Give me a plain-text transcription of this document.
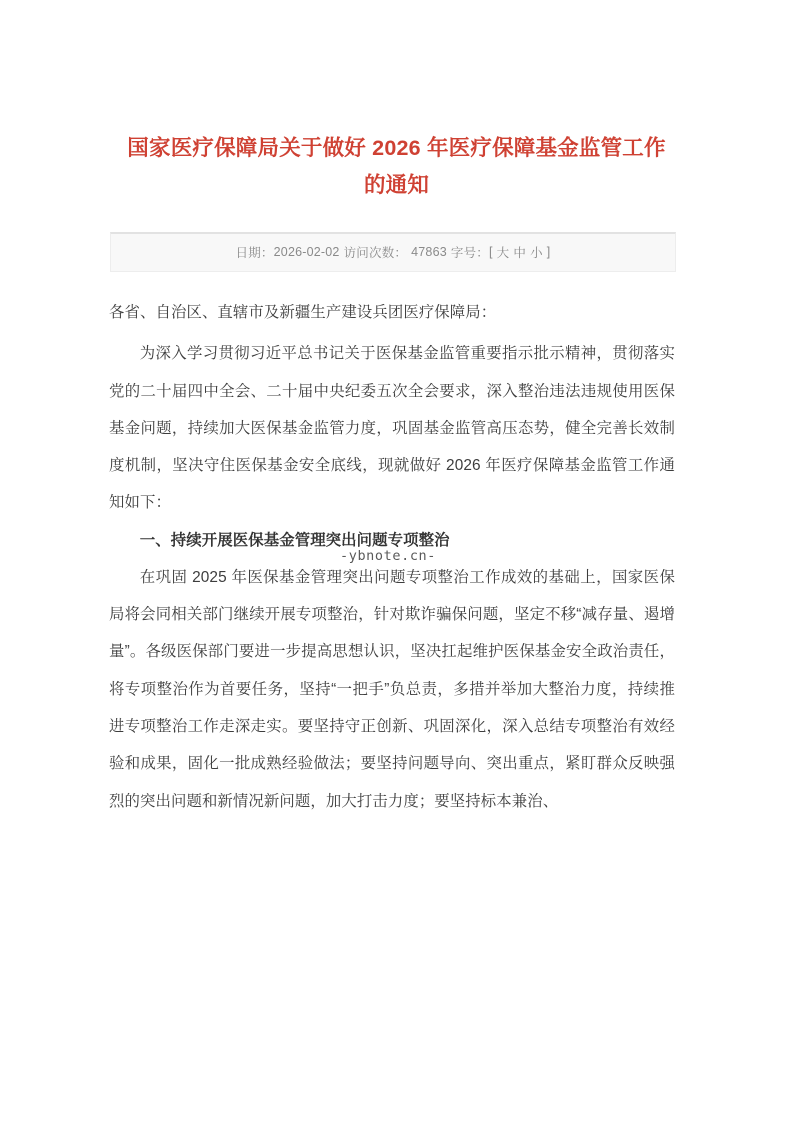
国家医疗保障局关于做好 2026 年医疗保障基金监管工作
的通知
日期： 2026-02-02 访问次数： 47863 字号： [ 大 中 小 ]

各省、自治区、直辖市及新疆生产建设兵团医疗保障局：

为深入学习贯彻习近平总书记关于医保基金监管重要指示批示精神，贯彻落实党的二十届四中全会、二十届中央纪委五次全会要求，深入整治违法违规使用医保基金问题，持续加大医保基金监管力度，巩固基金监管高压态势，健全完善长效制度机制，坚决守住医保基金安全底线，现就做好 2026 年医疗保障基金监管工作通知如下：

一、持续开展医保基金管理突出问题专项整治

在巩固 2025 年医保基金管理突出问题专项整治工作成效的基础上，国家医保局将会同相关部门继续开展专项整治，针对欺诈骗保问题，坚定不移“减存量、遏增量”。各级医保部门要进一步提高思想认识，坚决扛起维护医保基金安全政治责任，将专项整治作为首要任务，坚持“一把手”负总责，多措并举加大整治力度，持续推进专项整治工作走深走实。要坚持守正创新、巩固深化，深入总结专项整治有效经验和成果，固化一批成熟经验做法；要坚持问题导向、突出重点，紧盯群众反映强烈的突出问题和新情况新问题，加大打击力度；要坚持标本兼治、

-ybnote.cn-
